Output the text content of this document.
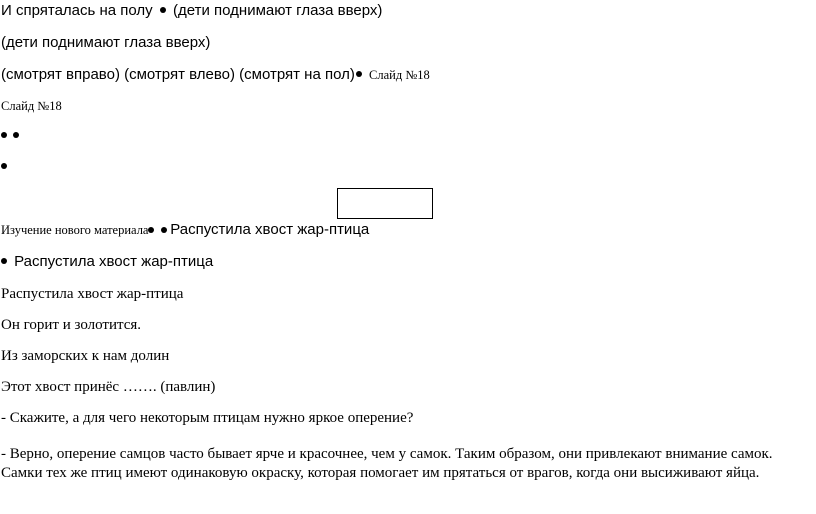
И спряталась на полу (дети поднимают глаза вверх)
(дети поднимают глаза вверх)
(смотрят вправо) (смотрят влево) (смотрят на пол) Слайд №18
Слайд №18
Изучение нового материала Распустила хвост жар-птица
Распустила хвост жар-птица
Распустила хвост жар-птица
Он горит и золотится.
Из заморских к нам долин
Этот хвост принёс ……. (павлин)
- Скажите, а для чего некоторым птицам нужно яркое оперение?
- Верно, оперение самцов часто бывает ярче и красочнее, чем у самок. Таким образом, они привлекают внимание самок. Самки тех же птиц имеют одинаковую окраску, которая помогает им прятаться от врагов, когда они высиживают яйца.
